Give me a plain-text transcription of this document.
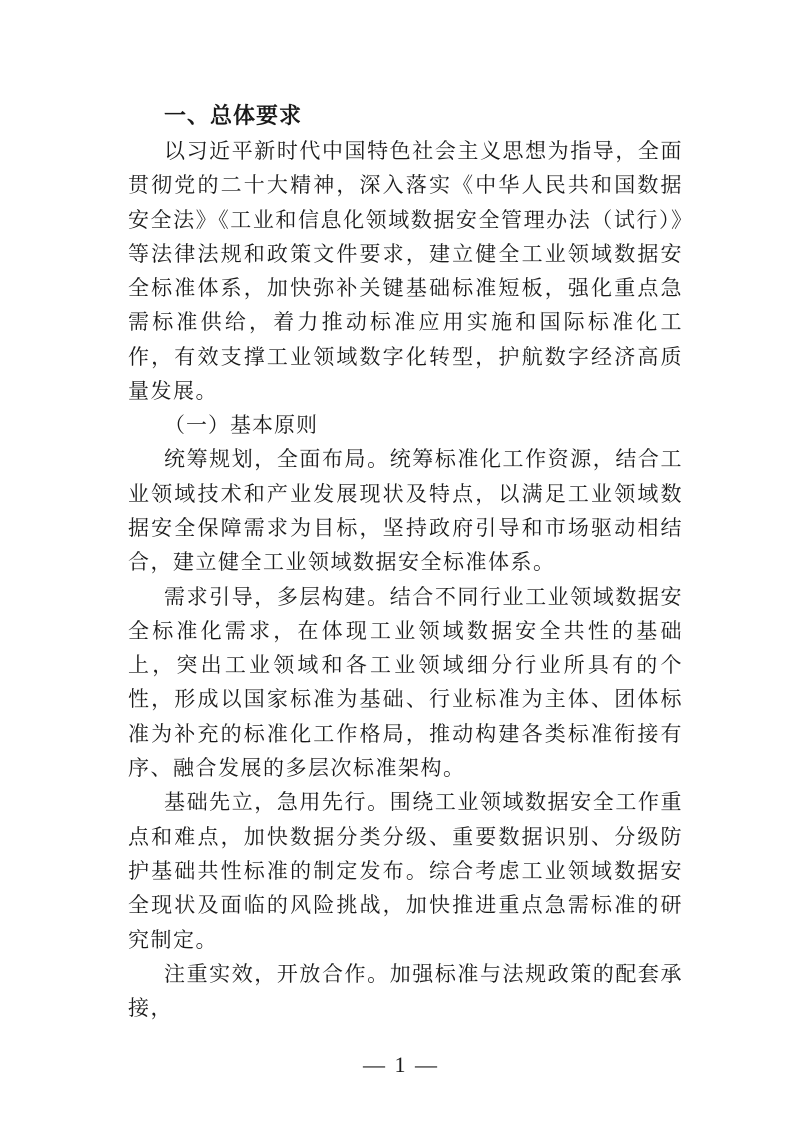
一、总体要求

以习近平新时代中国特色社会主义思想为指导，全面贯彻党的二十大精神，深入落实《中华人民共和国数据安全法》《工业和信息化领域数据安全管理办法（试行）》等法律法规和政策文件要求，建立健全工业领域数据安全标准体系，加快弥补关键基础标准短板，强化重点急需标准供给，着力推动标准应用实施和国际标准化工作，有效支撑工业领域数字化转型，护航数字经济高质量发展。

（一）基本原则

统筹规划，全面布局。统筹标准化工作资源，结合工业领域技术和产业发展现状及特点，以满足工业领域数据安全保障需求为目标，坚持政府引导和市场驱动相结合，建立健全工业领域数据安全标准体系。

需求引导，多层构建。结合不同行业工业领域数据安全标准化需求，在体现工业领域数据安全共性的基础上，突出工业领域和各工业领域细分行业所具有的个性，形成以国家标准为基础、行业标准为主体、团体标准为补充的标准化工作格局，推动构建各类标准衔接有序、融合发展的多层次标准架构。

基础先立，急用先行。围绕工业领域数据安全工作重点和难点，加快数据分类分级、重要数据识别、分级防护基础共性标准的制定发布。综合考虑工业领域数据安全现状及面临的风险挑战，加快推进重点急需标准的研究制定。

注重实效，开放合作。加强标准与法规政策的配套承接，

— 1 —
